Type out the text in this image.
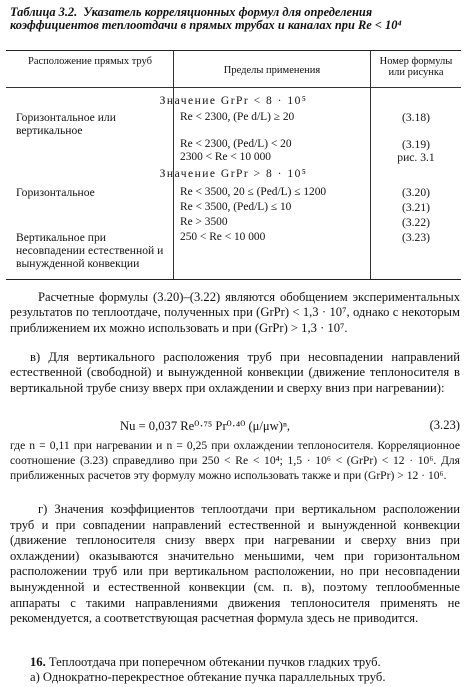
Таблица 3.2. Указатель корреляционных формул для определения коэффициентов теплоотдачи в прямых трубах и каналах при Re < 10⁴
Расположение прямых труб
Пределы применения
Номер формулы или рисунка
Значение GrPr < 8 · 10⁵
Горизонтальное или вертикальное
Re < 2300, (Pe d/L) ≥ 20	(3.18)
Re < 2300, (Ped/L) < 20	(3.19)
2300 < Re < 10 000	рис. 3.1
Значение GrPr > 8 · 10⁵
Горизонтальное	Re < 3500, 20 ≤ (Ped/L) ≤ 1200	(3.20)
Re < 3500, (Ped/L) ≤ 10	(3.21)
Re > 3500	(3.22)
Вертикальное при несовпадении естественной и вынужденной конвекции
250 < Re < 10 000	(3.23)
Расчетные формулы (3.20)–(3.22) являются обобщением экспериментальных результатов по теплоотдаче, полученных при (GrPr) < 1,3 · 10⁷, однако с некоторым приближением их можно использовать и при (GrPr) > 1,3 · 10⁷.
в) Для вертикального расположения труб при несовпадении направлений естественной (свободной) и вынужденной конвекции (движение теплоносителя в вертикальной трубе снизу вверх при охлаждении и сверху вниз при нагревании):
Nu = 0,037 Re⁰·⁷⁵ Pr⁰·⁴⁰ (μ/μw)ⁿ,	(3.23)
где n = 0,11 при нагревании и n = 0,25 при охлаждении теплоносителя. Корреляционное соотношение (3.23) справедливо при 250 < Re < 10⁴; 1,5 · 10⁶ < (GrPr) < 12 · 10⁶. Для приближенных расчетов эту формулу можно использовать также и при (GrPr) > 12 · 10⁶.
г) Значения коэффициентов теплоотдачи при вертикальном расположении труб и при совпадении направлений естественной и вынужденной конвекции (движение теплоносителя снизу вверх при нагревании и сверху вниз при охлаждении) оказываются значительно меньшими, чем при горизонтальном расположении труб или при вертикальном расположении, но при несовпадении вынужденной и естественной конвекции (см. п. в), поэтому теплообменные аппараты с такими направлениями движения теплоносителя применять не рекомендуется, а соответствующая расчетная формула здесь не приводится.
16. Теплоотдача при поперечном обтекании пучков гладких труб.
а) Однократно-перекрестное обтекание пучка параллельных труб.
